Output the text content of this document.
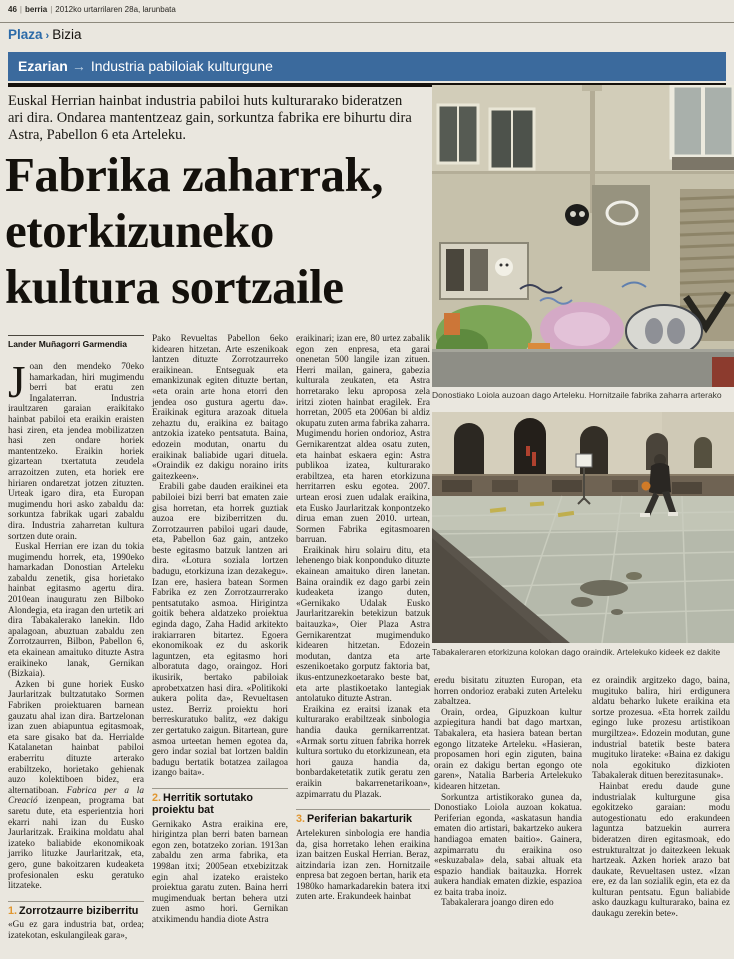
46 | berria | 2012ko urtarrilaren 28a, larunbata
Plaza › Bizia
Ezarian → Industria pabiloiak kulturgune
Euskal Herrian hainbat industria pabiloi huts kulturarako bideratzen ari dira. Ondarea mantentzeaz gain, sorkuntza fabrika ere bihurtu dira Astra, Pabellon 6 eta Arteleku.
Fabrika zaharrak, etorkizuneko kultura sortzaile
Lander Muñagorri Garmendia

Joan den mendeko 70eko hamarkadan, hiri mugimendu berri bat eratu zen Ingalaterran. Industria iraultzaren garaian eraikitako hainbat pabiloi eta eraikin eraisten hasi ziren, eta jendea mobilizatzen hasi zen ondare horiek mantentzeko. Eraikin horiek gizartean txertatuta zeudela arrazoitzen zuten, eta horiek ere hiriaren ondaretzat jotzen zituzten. Urteak igaro dira, eta Europan mugimendu hori asko zabaldu da: sorkuntza fabrikak ugari zabaldu dira. Industria zaharretan kultura sortzen dute orain.

Euskal Herrian ere izan du tokia mugimendu horrek, eta, 1990eko hamarkadan Donostian Arteleku zabaldu zenetik, gisa horietako hainbat egitasmo agertu dira. 2010ean inauguratu zen Bilboko Alondegia, eta iragan den urtetik ari dira Tabakalerako lanekin. Ildo apalagoan, abuztuan zabaldu zen Zorrotzaurren, Bilbon, Pabellon 6, eta ekainean amaituko dituzte Astra eraikineko lanak, Gernikan (Bizkaia).

Azken bi gune horiek Eusko Jaurlaritzak bultzatutako Sormen Fabriken proiektuaren barnean gauzatu ahal izan dira. Bartzelonan izan zuen abiapuntua egitasmoak, eta sare gisako bat da. Herrialde Katalanetan hainbat pabiloi eraberritu dituzte arterako erabiltzeko, horietako gehienak auzo kolektiboen bidez, era alternatiboan. Fabrica per a la Creació izenpean, programa bat saretu dute, eta esperientzia hori ekarri nahi izan du Eusko Jaurlaritzak. Eraikina moldatu ahal izateko baliabide ekonomikoak jarriko lituzke Jaurlaritzak, eta, gero, gune bakoitzaren kudeaketa profesionalen esku geratuko litzateke.

1. Zorrotzaurre biziberritu

«Gu ez gara industria bat, ordea; izatekotan, eskulangileak gara»,

Pako Revueltas Pabellon 6eko kidearen hitzetan. Arte eszenikoak lantzen dituzte Zorrotzaurreko eraikinean. Entseguak eta emankizunak egiten dituzte bertan, «eta orain arte hona etorri den jendea oso gustura agertu da». Eraikinak egitura arazoak dituela zehaztu du, eraikina ez baitago antzokia izateko pentsatuta. Baina, edozein modutan, onartu du eraikinak baliabide ugari dituela. «Oraindik ez dakigu noraino irits gaitezkeen».

Erabili gabe dauden eraikinei eta pabiloiei bizi berri bat ematen zaie gisa horretan, eta horrek guztiak auzoa ere biziberritzen du. Zorrotzaurren pabiloi ugari daude, eta, Pabellon 6az gain, antzeko beste egitasmo batzuk lantzen ari dira. «Lotura soziala lortzen badugu, etorkizuna izan dezakegu». Izan ere, hasiera batean Sormen Fabrika ez zen Zorrotzaurrerako pentsatutako asmoa. Hirigintza goitik behera aldatzeko proiektua eginda dago, Zaha Hadid arkitekto irakiarraren bitartez. Egoera ekonomikoak ez du askorik laguntzen, eta egitasmo hori alboratuta dago, oraingoz. Hori ikusirik, bertako pabiloiak aprobetxatzen hasi dira. «Politikoki aukera polita da», Revueltasen ustez. Berriz proiektu hori berreskuratuko balitz, «ez dakigu zer gertatuko zaigun. Bitartean, gure asmoa urteetan hemen egotea da, gero indar sozial bat lortzen baldin badugu bertatik botatzea zailagoa izango baita».

2. Herritik sortutako proiektu bat

Gernikako Astra eraikina ere, hirigintza plan berri baten barnean egon zen, botatzeko zorian. 1913an zabaldu zen arma fabrika, eta 1998an itxi; 2005ean etxebizitzak egin ahal izateko eraisteko proiektua garatu zuten. Baina herri mugimenduak bertan behera utzi zuen asmo hori. Gernikan atxikimendu handia diote Astra

eraikinari; izan ere, 80 urtez zabalik egon zen enpresa, eta garai onenetan 500 langile izan zituen. Herri mailan, gainera, gabezia kulturala zeukaten, eta Astra horretarako leku aproposa zela iritzi zioten hainbat eragilek. Era horretan, 2005 eta 2006an bi aldiz okupatu zuten arma fabrika zaharra. Mugimendu horien ondorioz, Astra Gernikarentzat aldea osatu zuten, eta hainbat eskaera egin: Astra publikoa izatea, kulturarako erabiltzea, eta haren etorkizuna herritarren esku egotea. 2007. urtean erosi zuen udalak eraikina, eta Eusko Jaurlaritzak konpontzeko dirua eman zuen 2010. urtean, Sormen Fabrika egitasmoaren barruan.

Eraikinak hiru solairu ditu, eta lehenengo biak konponduko dituzte ekainean amaituko diren lanetan. Baina oraindik ez dago garbi zein kudeaketa izango duten, «Gernikako Udalak Eusko Jaurlaritzarekin betekizun batzuk baitauzka», Oier Plaza Astra Gernikarentzat mugimenduko kidearen hitzetan. Edozein modutan, dantza eta arte eszenikoetako gorputz faktoria bat, ikus-entzunezkoetarako beste bat, eta arte plastikoetako lantegiak antolatuko dituzte Astran.

Eraikina ez eraitsi izanak eta kulturarako erabiltzeak sinbologia handia dauka gernikarrentzat. «Armak sortu zituen fabrika horrek kultura sortuko du etorkizunean, eta hori gauza handia da, bonbardaketetatik zutik geratu zen eraikin bakarrenetarikoan», azpimarratu du Plazak.

3. Periferian bakarturik

Artelekuren sinbologia ere handia da, gisa horretako lehen eraikina izan baitzen Euskal Herrian. Beraz, aitzindaria izan zen. Hornitzaile enpresa bat zegoen bertan, harik eta 1980ko hamarkadarekin batera itxi zuten arte. Erakundeek hainbat

Donostiako Loiola auzoan dago Arteleku. Hornitzaile fabrika zaharra arterako
Tabakaleraren etorkizuna kolokan dago oraindik. Artelekuko kideek ez dakite

eredu bisitatu zituzten Europan, eta horren ondorioz erabaki zuten Arteleku zabaltzea.

Orain, ordea, Gipuzkoan kultur azpiegitura handi bat dago martxan, Tabakalera, eta hasiera batean bertan egongo litzateke Arteleku. «Hasieran, proposamen hori egin ziguten, baina orain ez dakigu bertan egongo ote garen», Natalia Barberia Artelekuko kidearen hitzetan.

Sorkuntza artistikorako gunea da, Donostiako Loiola auzoan kokatua. Periferian egonda, «askatasun handia ematen dio artistari, bakartzeko aukera handiagoa ematen baitio». Gainera, azpimarratu du eraikina oso «eskuzabala» dela, sabai altuak eta espazio handiak baitauzka. Horrek aukera handiak ematen dizkie, espazioa ez baita traba inoiz.

Tabakalerara joango diren edo

ez oraindik argitzeko dago, baina, mugituko balira, hiri erdigunera aldatu beharko lukete eraikina eta sortze prozesua. «Eta horrek zaildu egingo luke prozesu artistikoan murgiltzea». Edozein modutan, gune industrial batetik beste batera mugituko lirateke: «Baina ez dakigu nola egokituko dizkioten Tabakalerak dituen berezitasunak».

Hainbat eredu daude gune industrialak kulturgune gisa egokitzeko garaian: modu autogestionatu edo erakundeen laguntza batzuekin aurrera bideratzen diren egitasmoak, edo estrukturaltzat jo daitezkeen lekuak hartzeak. Azken horiek arazo bat daukate, Revueltasen ustez. «Izan ere, ez da lan sozialik egin, eta ez da kulturan pentsatu. Egun baliabide asko dauzkagu kulturarako, baina ez daukagu zerekin bete».
